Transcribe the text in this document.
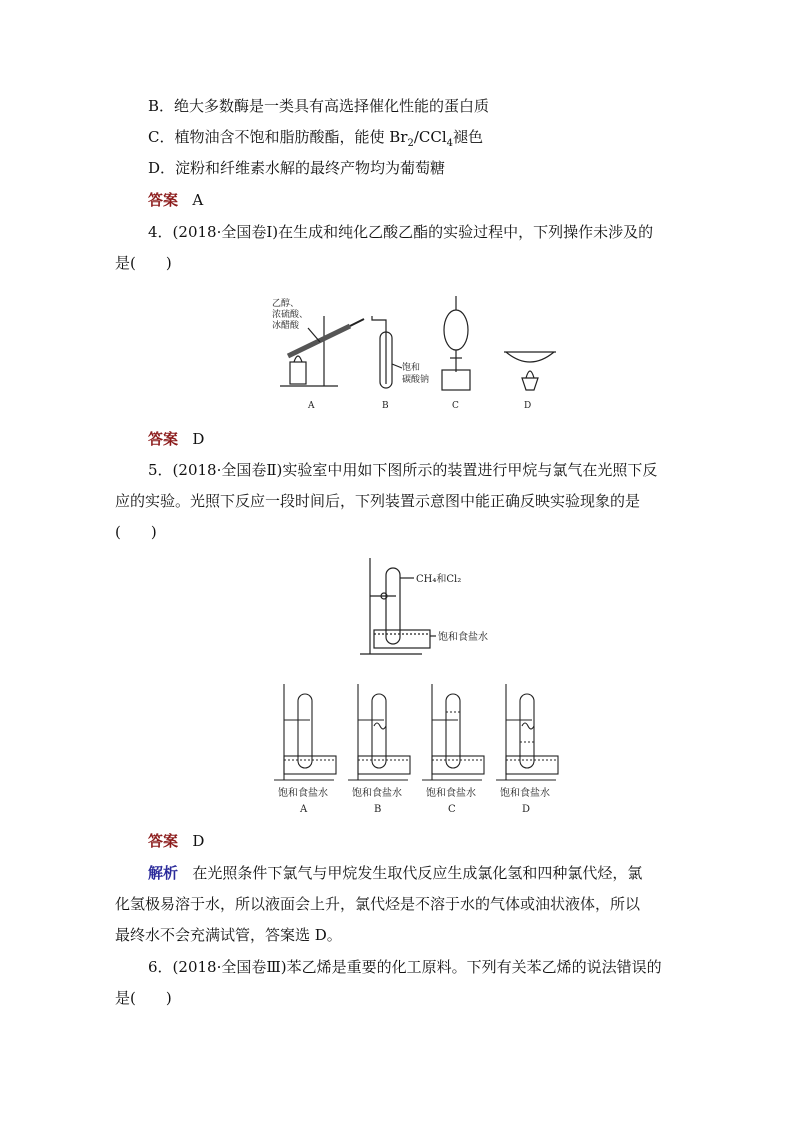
B．绝大多数酶是一类具有高选择催化性能的蛋白质
C．植物油含不饱和脂肪酸酯，能使 $Br_2/CCl_4$褪色
D．淀粉和纤维素水解的最终产物均为葡萄糖
答案 A
4．(2018·全国卷Ⅰ)在生成和纯化乙酸乙酯的实验过程中，下列操作未涉及的
是(　　)
乙醇、
浓硫酸、
冰醋酸
饱和
碳酸钠
A	B	C	D
答案 D
5．(2018·全国卷Ⅱ)实验室中用如下图所示的装置进行甲烷与氯气在光照下反
应的实验。光照下反应一段时间后，下列装置示意图中能正确反映实验现象的是
(　　)
CH₄和Cl₂
饱和食盐水
饱和食盐水 饱和食盐水 饱和食盐水 饱和食盐水
A	B	C	D
答案 D
解析 在光照条件下氯气与甲烷发生取代反应生成氯化氢和四种氯代烃，氯
化氢极易溶于水，所以液面会上升，氯代烃是不溶于水的气体或油状液体，所以
最终水不会充满试管，答案选 D。
6．(2018·全国卷Ⅲ)苯乙烯是重要的化工原料。下列有关苯乙烯的说法错误的
是(　　)
